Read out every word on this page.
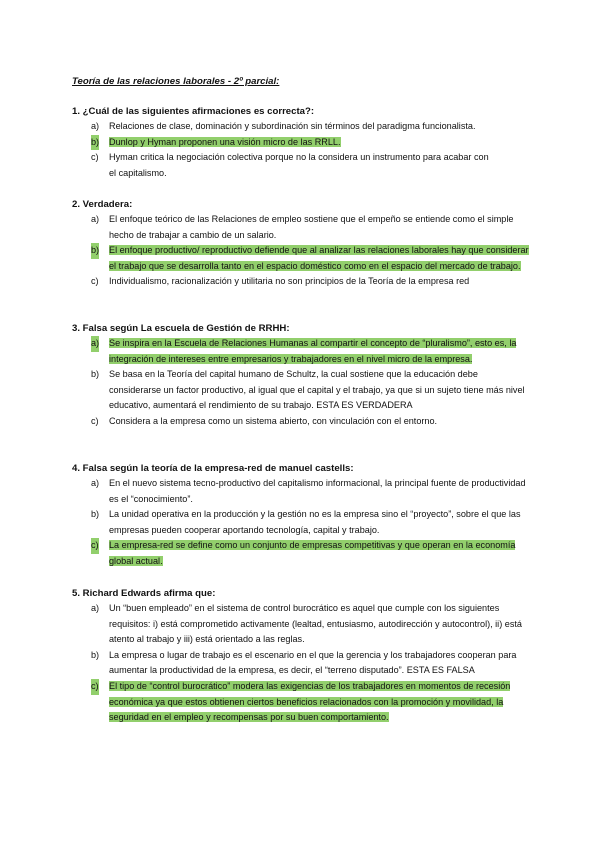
Teoría de las relaciones laborales - 2º parcial:
1. ¿Cuál de las siguientes afirmaciones es correcta?:
a) Relaciones de clase, dominación y subordinación sin términos del paradigma funcionalista.
b) Dunlop y Hyman proponen una visión micro de las RRLL.
c) Hyman critica la negociación colectiva porque no la considera un instrumento para acabar con el capitalismo.
2. Verdadera:
a) El enfoque teórico de las Relaciones de empleo sostiene que el empeño se entiende como el simple hecho de trabajar a cambio de un salario.
b) El enfoque productivo/ reproductivo defiende que al analizar las relaciones laborales hay que considerar el trabajo que se desarrolla tanto en el espacio doméstico como en el espacio del mercado de trabajo.
c) Individualismo, racionalización y utilitaria no son principios de la Teoría de la empresa red
3. Falsa según La escuela de Gestión de RRHH:
a) Se inspira en la Escuela de Relaciones Humanas al compartir el concepto de “pluralismo”, esto es, la integración de intereses entre empresarios y trabajadores en el nivel micro de la empresa.
b) Se basa en la Teoría del capital humano de Schultz, la cual sostiene que la educación debe considerarse un factor productivo, al igual que el capital y el trabajo, ya que si un sujeto tiene más nivel educativo, aumentará el rendimiento de su trabajo. ESTA ES VERDADERA
c) Considera a la empresa como un sistema abierto, con vinculación con el entorno.
4. Falsa según la teoría de la empresa-red de manuel castells:
a) En el nuevo sistema tecno-productivo del capitalismo informacional, la principal fuente de productividad es el “conocimiento”.
b) La unidad operativa en la producción y la gestión no es la empresa sino el “proyecto”, sobre el que las empresas pueden cooperar aportando tecnología, capital y trabajo.
c) La empresa-red se define como un conjunto de empresas competitivas y que operan en la economía global actual.
5. Richard Edwards afirma que:
a) Un “buen empleado” en el sistema de control burocrático es aquel que cumple con los siguientes requisitos: i) está comprometido activamente (lealtad, entusiasmo, autodirección y autocontrol), ii) está atento al trabajo y iii) está orientado a las reglas.
b) La empresa o lugar de trabajo es el escenario en el que la gerencia y los trabajadores cooperan para aumentar la productividad de la empresa, es decir, el “terreno disputado”. ESTA ES FALSA
c) El tipo de “control burocrático” modera las exigencias de los trabajadores en momentos de recesión económica ya que estos obtienen ciertos beneficios relacionados con la promoción y movilidad, la seguridad en el empleo y recompensas por su buen comportamiento.
